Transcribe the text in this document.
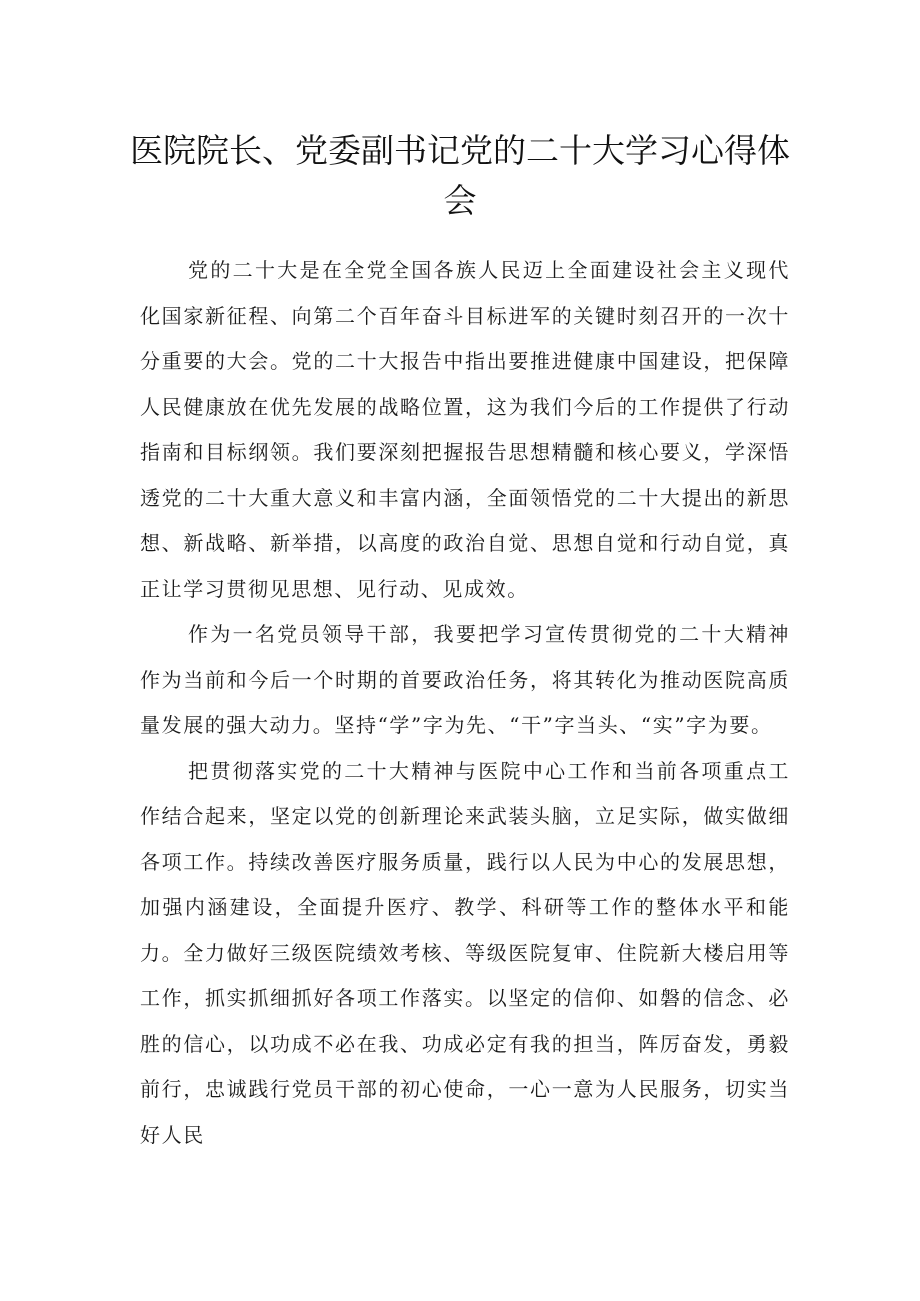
医院院长、党委副书记党的二十大学习心得体会

党的二十大是在全党全国各族人民迈上全面建设社会主义现代化国家新征程、向第二个百年奋斗目标进军的关键时刻召开的一次十分重要的大会。党的二十大报告中指出要推进健康中国建设，把保障人民健康放在优先发展的战略位置，这为我们今后的工作提供了行动指南和目标纲领。我们要深刻把握报告思想精髓和核心要义，学深悟透党的二十大重大意义和丰富内涵，全面领悟党的二十大提出的新思想、新战略、新举措，以高度的政治自觉、思想自觉和行动自觉，真正让学习贯彻见思想、见行动、见成效。

作为一名党员领导干部，我要把学习宣传贯彻党的二十大精神作为当前和今后一个时期的首要政治任务，将其转化为推动医院高质量发展的强大动力。坚持“学”字为先、“干”字当头、“实”字为要。

把贯彻落实党的二十大精神与医院中心工作和当前各项重点工作结合起来，坚定以党的创新理论来武装头脑，立足实际，做实做细各项工作。持续改善医疗服务质量，践行以人民为中心的发展思想，加强内涵建设，全面提升医疗、教学、科研等工作的整体水平和能力。全力做好三级医院绩效考核、等级医院复审、住院新大楼启用等工作，抓实抓细抓好各项工作落实。以坚定的信仰、如磐的信念、必胜的信心，以功成不必在我、功成必定有我的担当，阵厉奋发，勇毅前行，忠诚践行党员干部的初心使命，一心一意为人民服务，切实当好人民
